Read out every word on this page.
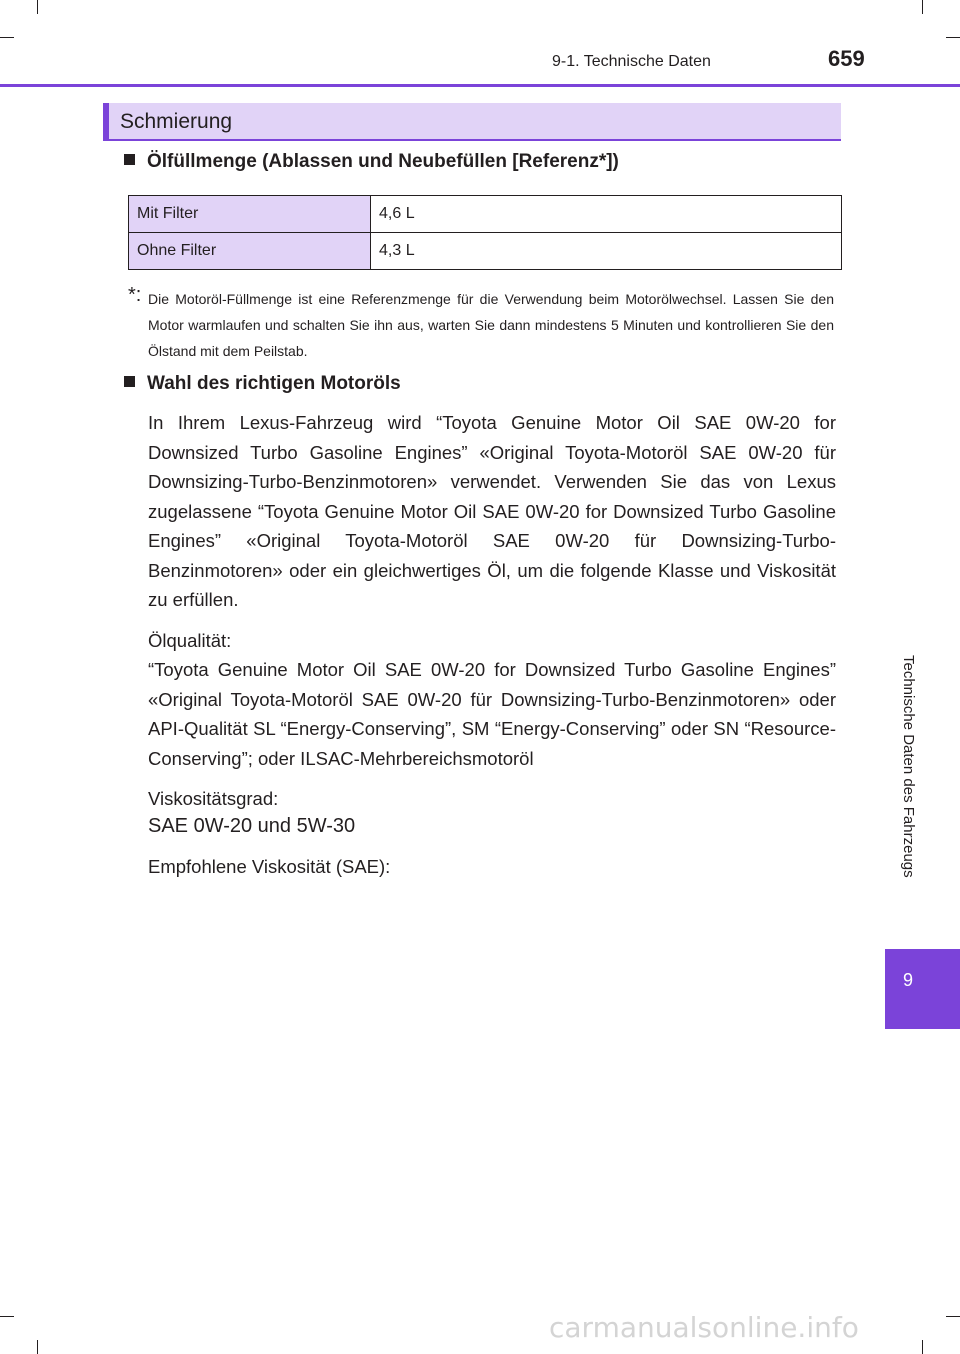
9-1. Technische Daten	659
Schmierung
Ölfüllmenge (Ablassen und Neubefüllen [Referenz*])
Mit Filter	4,6 L
Ohne Filter	4,3 L
*: Die Motoröl-Füllmenge ist eine Referenzmenge für die Verwendung beim Motorölwechsel. Lassen Sie den Motor warmlaufen und schalten Sie ihn aus, warten Sie dann mindestens 5 Minuten und kontrollieren Sie den Ölstand mit dem Peilstab.
Wahl des richtigen Motoröls
In Ihrem Lexus-Fahrzeug wird “Toyota Genuine Motor Oil SAE 0W-20 for Downsized Turbo Gasoline Engines” «Original Toyota-Motoröl SAE 0W-20 für Downsizing-Turbo-Benzinmotoren» verwendet. Verwenden Sie das von Lexus zugelassene “Toyota Genuine Motor Oil SAE 0W-20 for Downsized Turbo Gasoline Engines” «Original Toyota-Motoröl SAE 0W-20 für Downsizing-Turbo-Benzinmotoren» oder ein gleichwertiges Öl, um die folgende Klasse und Viskosität zu erfüllen.
Ölqualität:
“Toyota Genuine Motor Oil SAE 0W-20 for Downsized Turbo Gasoline Engines” «Original Toyota-Motoröl SAE 0W-20 für Downsizing-Turbo-Benzinmotoren» oder API-Qualität SL “Energy-Conserving”, SM “Energy-Conserving” oder SN “Resource-Conserving”; oder ILSAC-Mehrbereichsmotoröl
Viskositätsgrad:
SAE 0W-20 und 5W-30
Empfohlene Viskosität (SAE):	Technische Daten des Fahrzeugs
9
carmanualsonline.info
